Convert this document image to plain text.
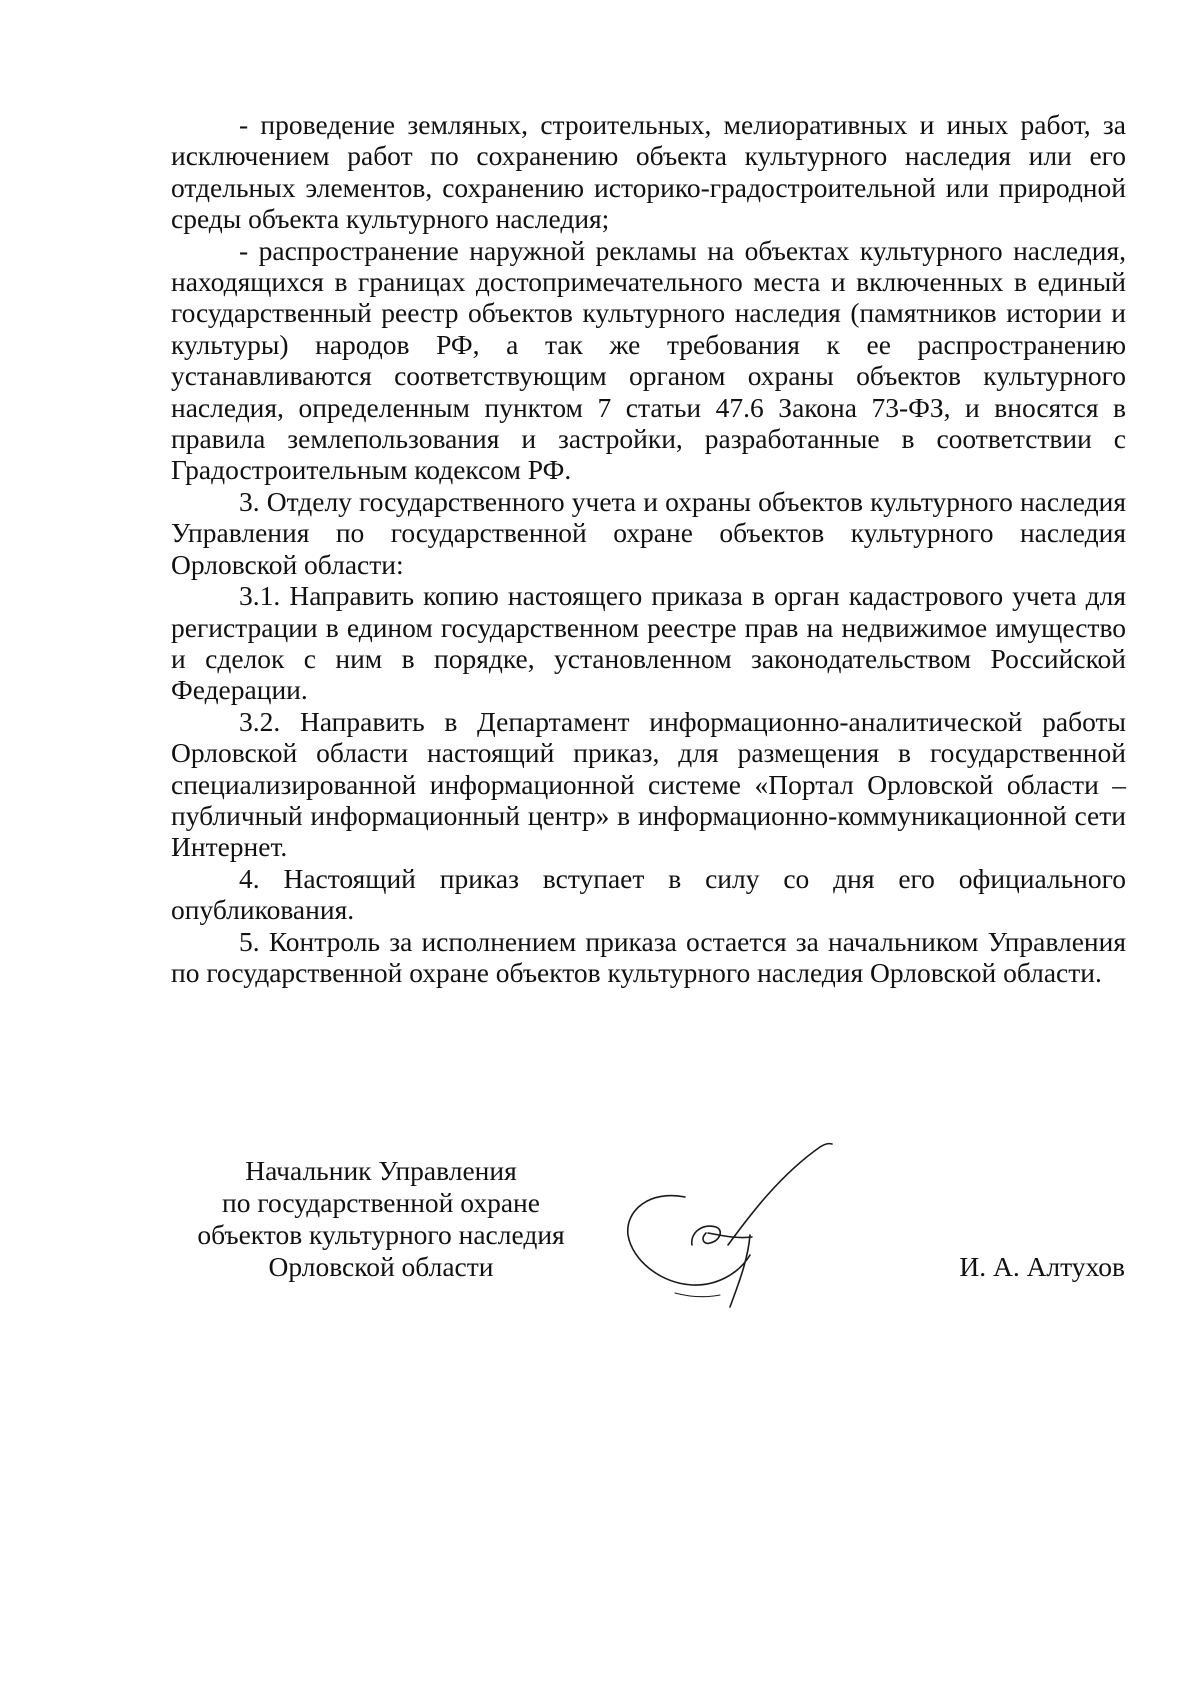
- проведение земляных, строительных, мелиоративных и иных работ, за исключением работ по сохранению объекта культурного наследия или его отдельных элементов, сохранению историко-градостроительной или природной среды объекта культурного наследия;

- распространение наружной рекламы на объектах культурного наследия, находящихся в границах достопримечательного места и включенных в единый государственный реестр объектов культурного наследия (памятников истории и культуры) народов РФ, а так же требования к ее распространению устанавливаются соответствующим органом охраны объектов культурного наследия, определенным пунктом 7 статьи 47.6 Закона 73-ФЗ, и вносятся в правила землепользования и застройки, разработанные в соответствии с Градостроительным кодексом РФ.

3. Отделу государственного учета и охраны объектов культурного наследия Управления по государственной охране объектов культурного наследия Орловской области:

3.1. Направить копию настоящего приказа в орган кадастрового учета для регистрации в едином государственном реестре прав на недвижимое имущество и сделок с ним в порядке, установленном законодательством Российской Федерации.

3.2. Направить в Департамент информационно-аналитической работы Орловской области настоящий приказ, для размещения в государственной специализированной информационной системе «Портал Орловской области – публичный информационный центр» в информационно-коммуникационной сети Интернет.

4. Настоящий приказ вступает в силу со дня его официального опубликования.

5. Контроль за исполнением приказа остается за начальником Управления по государственной охране объектов культурного наследия Орловской области.

Начальник Управления
по государственной охране
объектов культурного наследия
Орловской области	И. А. Алтухов
